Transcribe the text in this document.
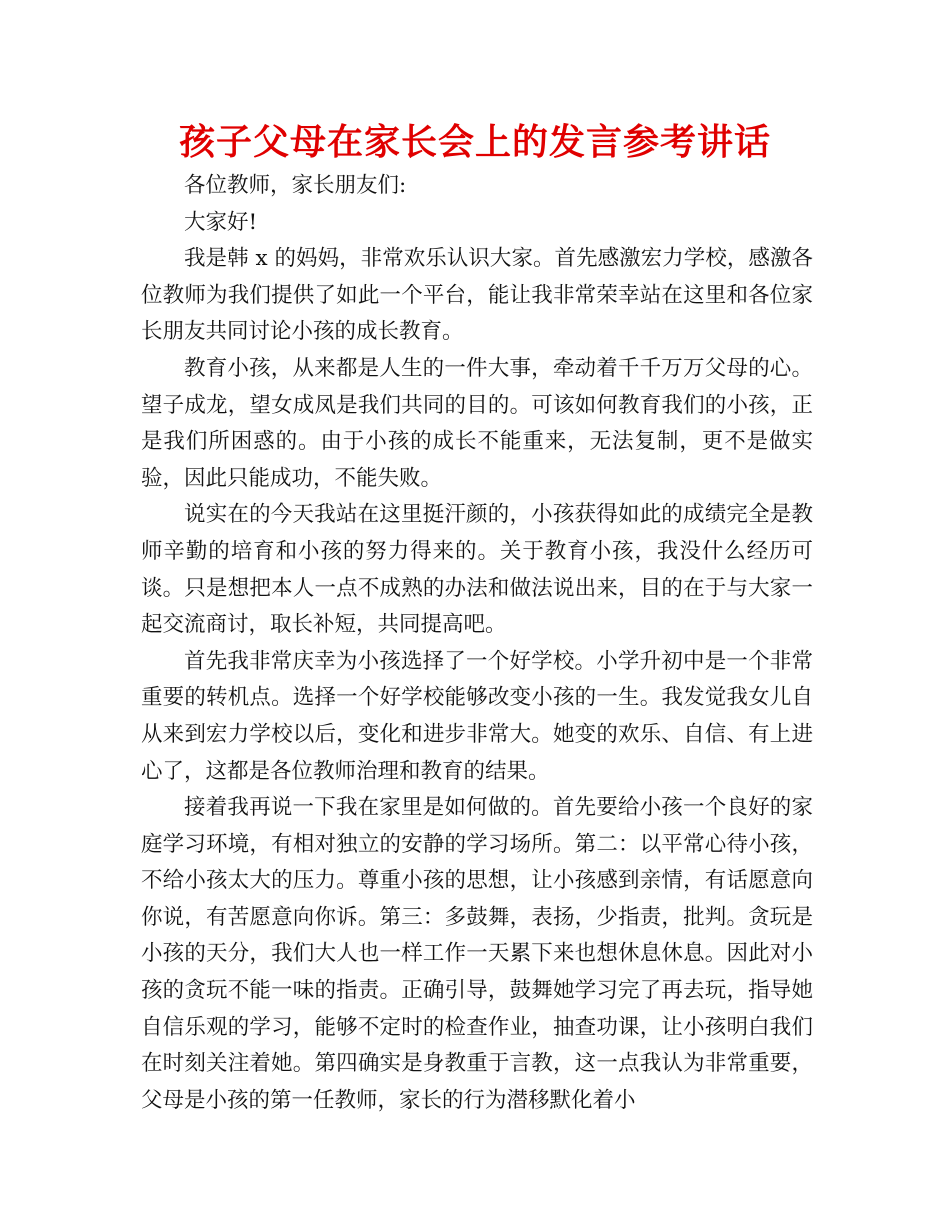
孩子父母在家长会上的发言参考讲话

各位教师，家长朋友们:

大家好!

我是韩 x 的妈妈，非常欢乐认识大家。首先感激宏力学校，感激各位教师为我们提供了如此一个平台，能让我非常荣幸站在这里和各位家长朋友共同讨论小孩的成长教育。

教育小孩，从来都是人生的一件大事，牵动着千千万万父母的心。望子成龙，望女成凤是我们共同的目的。可该如何教育我们的小孩，正是我们所困惑的。由于小孩的成长不能重来，无法复制，更不是做实验，因此只能成功，不能失败。

说实在的今天我站在这里挺汗颜的，小孩获得如此的成绩完全是教师辛勤的培育和小孩的努力得来的。关于教育小孩，我没什么经历可谈。只是想把本人一点不成熟的办法和做法说出来，目的在于与大家一起交流商讨，取长补短，共同提高吧。

首先我非常庆幸为小孩选择了一个好学校。小学升初中是一个非常重要的转机点。选择一个好学校能够改变小孩的一生。我发觉我女儿自从来到宏力学校以后，变化和进步非常大。她变的欢乐、自信、有上进心了，这都是各位教师治理和教育的结果。

接着我再说一下我在家里是如何做的。首先要给小孩一个良好的家庭学习环境，有相对独立的安静的学习场所。第二：以平常心待小孩，不给小孩太大的压力。尊重小孩的思想，让小孩感到亲情，有话愿意向你说，有苦愿意向你诉。第三：多鼓舞，表扬，少指责，批判。贪玩是小孩的天分，我们大人也一样工作一天累下来也想休息休息。因此对小孩的贪玩不能一味的指责。正确引导，鼓舞她学习完了再去玩，指导她自信乐观的学习，能够不定时的检查作业，抽查功课，让小孩明白我们在时刻关注着她。第四确实是身教重于言教，这一点我认为非常重要，父母是小孩的第一任教师，家长的行为潜移默化着小
